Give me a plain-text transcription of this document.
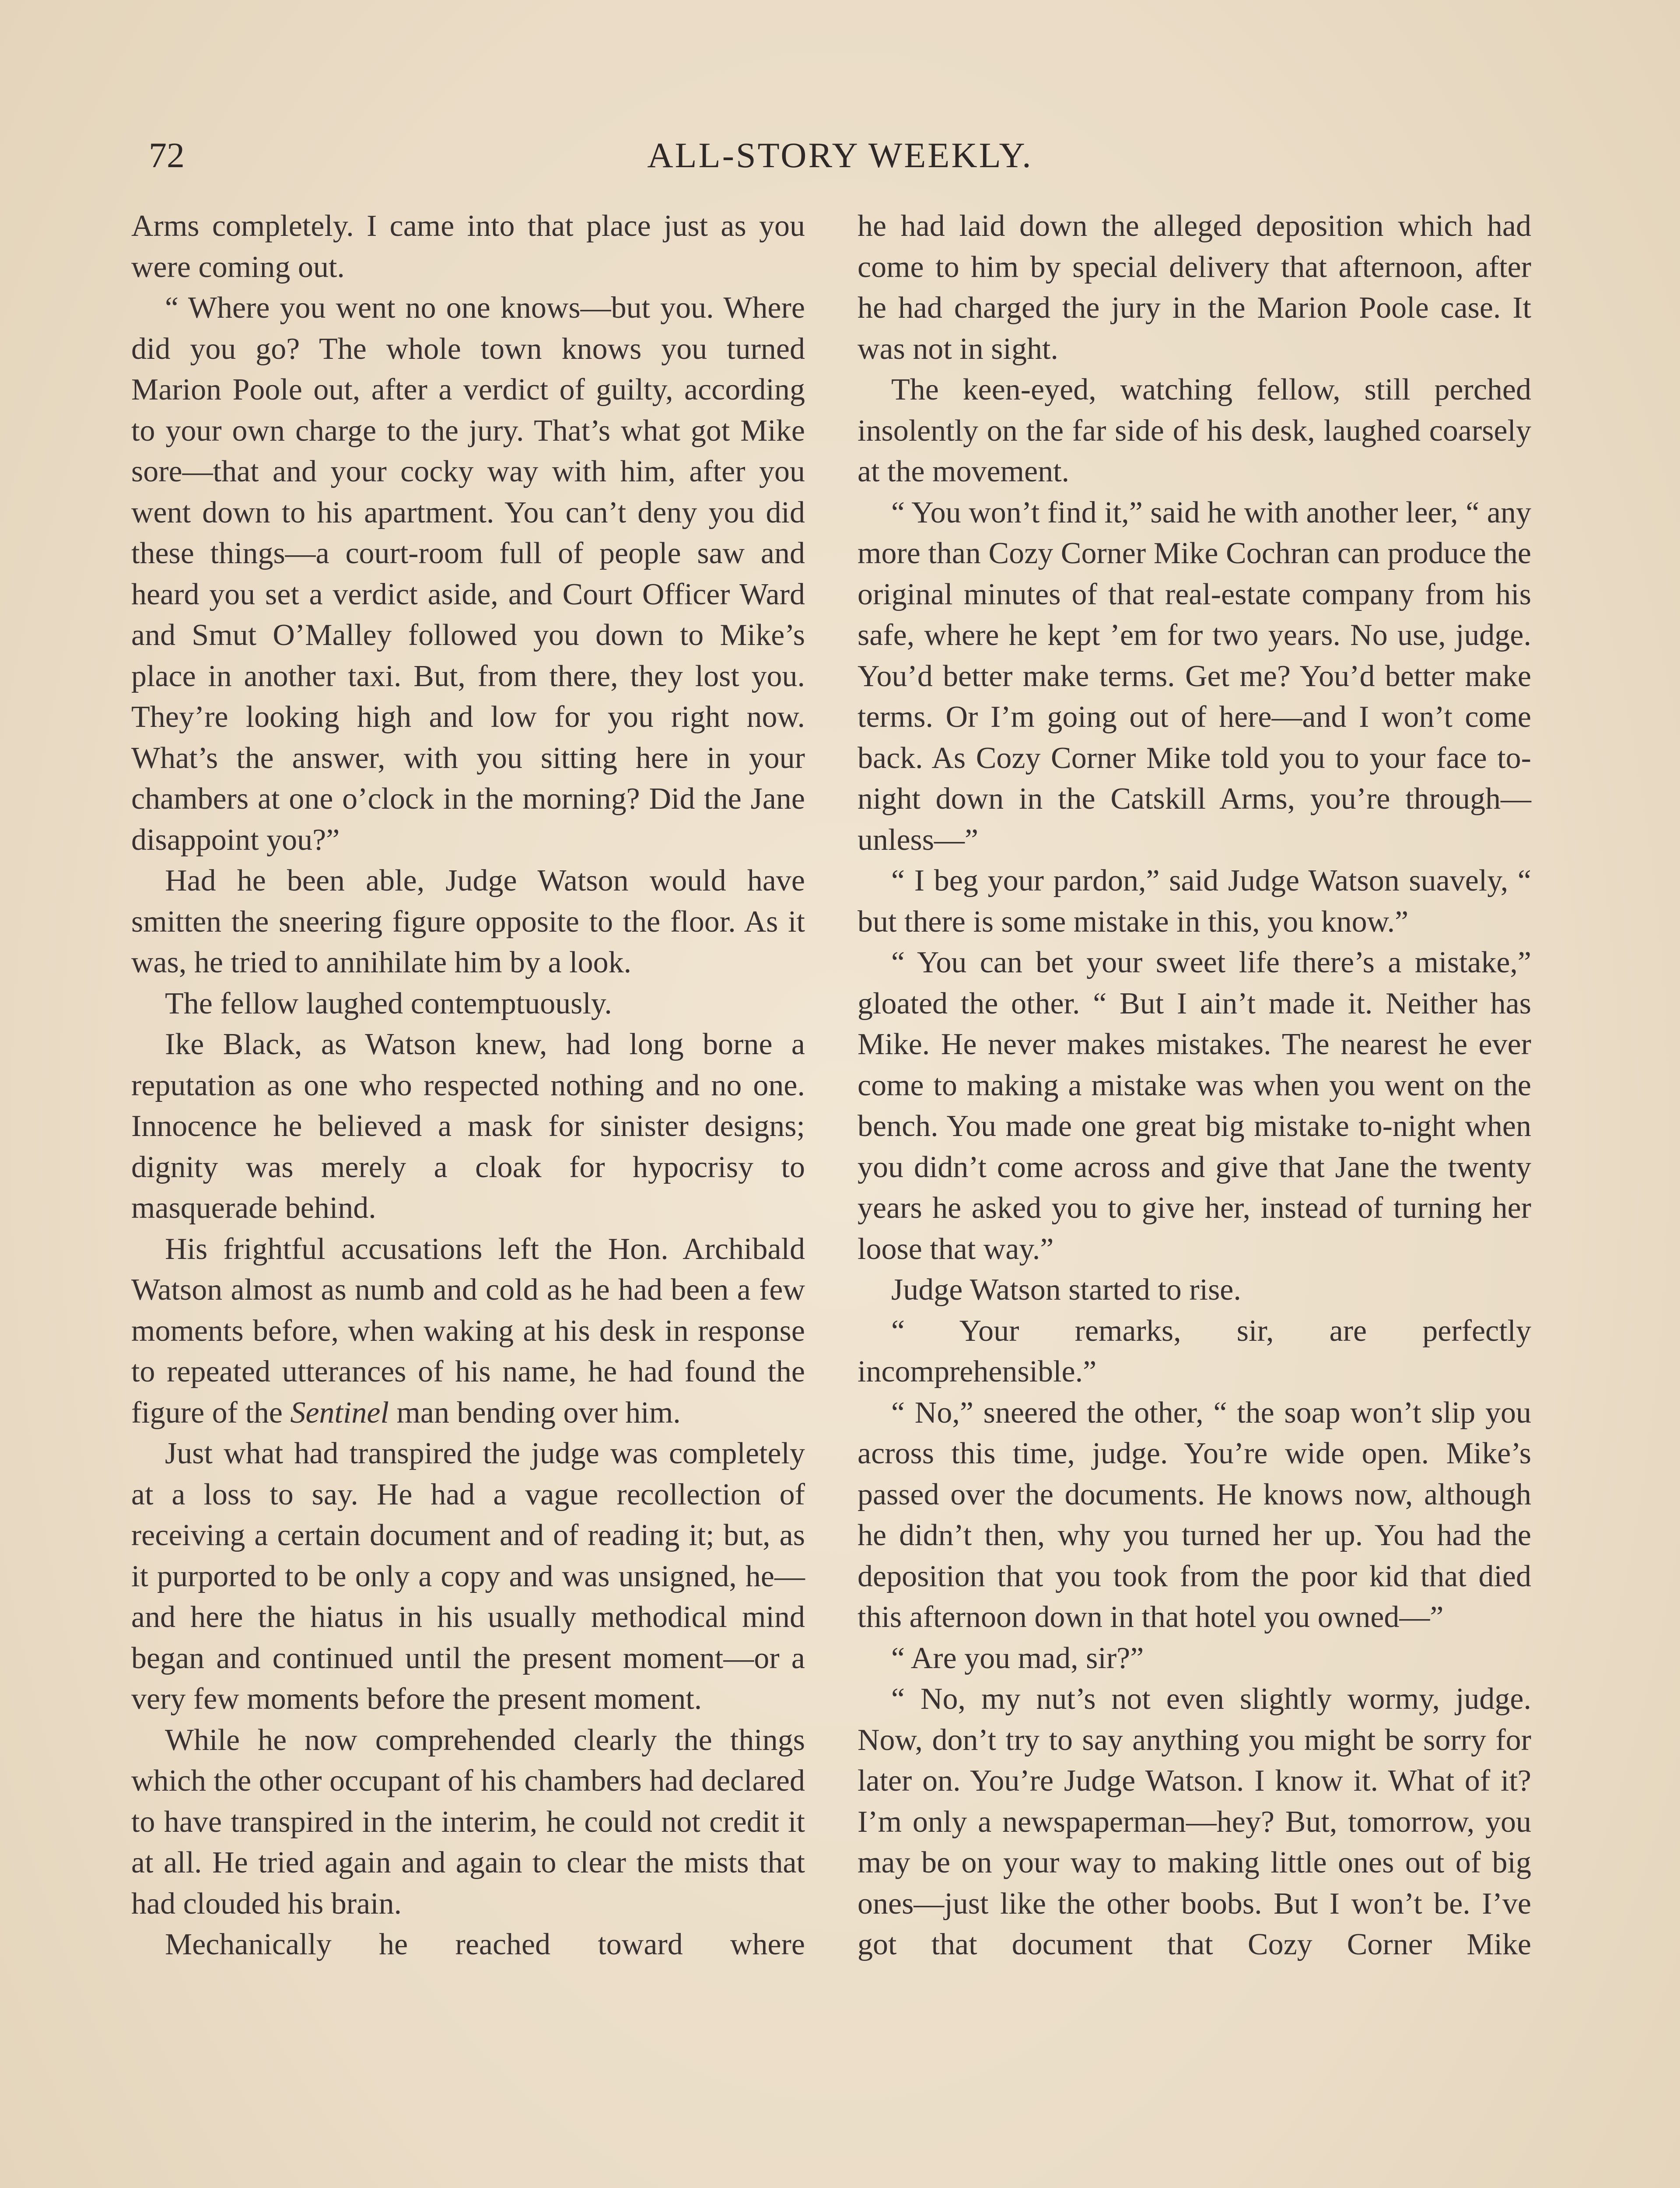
72	ALL-STORY WEEKLY.

Arms completely. I came into that place just as you were coming out.

“ Where you went no one knows—but you. Where did you go? The whole town knows you turned Marion Poole out, after a verdict of guilty, according to your own charge to the jury. That’s what got Mike sore—that and your cocky way with him, after you went down to his apartment. You can’t deny you did these things—a court-room full of people saw and heard you set a verdict aside, and Court Officer Ward and Smut O’Malley followed you down to Mike’s place in another taxi. But, from there, they lost you. They’re looking high and low for you right now. What’s the answer, with you sitting here in your chambers at one o’clock in the morning? Did the Jane disappoint you?”

Had he been able, Judge Watson would have smitten the sneering figure opposite to the floor. As it was, he tried to annihilate him by a look.

The fellow laughed contemptuously.

Ike Black, as Watson knew, had long borne a reputation as one who respected nothing and no one. Innocence he believed a mask for sinister designs; dignity was merely a cloak for hypocrisy to masquerade behind.

His frightful accusations left the Hon. Archibald Watson almost as numb and cold as he had been a few moments before, when waking at his desk in response to repeated utterances of his name, he had found the figure of the Sentinel man bending over him.

Just what had transpired the judge was completely at a loss to say. He had a vague recollection of receiving a certain document and of reading it; but, as it purported to be only a copy and was unsigned, he—and here the hiatus in his usually methodical mind began and continued until the present moment—or a very few moments before the present moment.

While he now comprehended clearly the things which the other occupant of his chambers had declared to have transpired in the interim, he could not credit it at all. He tried again and again to clear the mists that had clouded his brain.

Mechanically he reached toward where

he had laid down the alleged deposition which had come to him by special delivery that afternoon, after he had charged the jury in the Marion Poole case. It was not in sight.

The keen-eyed, watching fellow, still perched insolently on the far side of his desk, laughed coarsely at the movement.

“ You won’t find it,” said he with another leer, “ any more than Cozy Corner Mike Cochran can produce the original minutes of that real-estate company from his safe, where he kept ’em for two years. No use, judge. You’d better make terms. Get me? You’d better make terms. Or I’m going out of here—and I won’t come back. As Cozy Corner Mike told you to your face to-night down in the Catskill Arms, you’re through—unless—”

“ I beg your pardon,” said Judge Watson suavely, “ but there is some mistake in this, you know.”

“ You can bet your sweet life there’s a mistake,” gloated the other. “ But I ain’t made it. Neither has Mike. He never makes mistakes. The nearest he ever come to making a mistake was when you went on the bench. You made one great big mistake to-night when you didn’t come across and give that Jane the twenty years he asked you to give her, instead of turning her loose that way.”

Judge Watson started to rise.

“ Your remarks, sir, are perfectly incomprehensible.”

“ No,” sneered the other, “ the soap won’t slip you across this time, judge. You’re wide open. Mike’s passed over the documents. He knows now, although he didn’t then, why you turned her up. You had the deposition that you took from the poor kid that died this afternoon down in that hotel you owned—”

“ Are you mad, sir?”

“ No, my nut’s not even slightly wormy, judge. Now, don’t try to say anything you might be sorry for later on. You’re Judge Watson. I know it. What of it? I’m only a newspaperman—hey? But, tomorrow, you may be on your way to making little ones out of big ones—just like the other boobs. But I won’t be. I’ve got that document that Cozy Corner Mike
